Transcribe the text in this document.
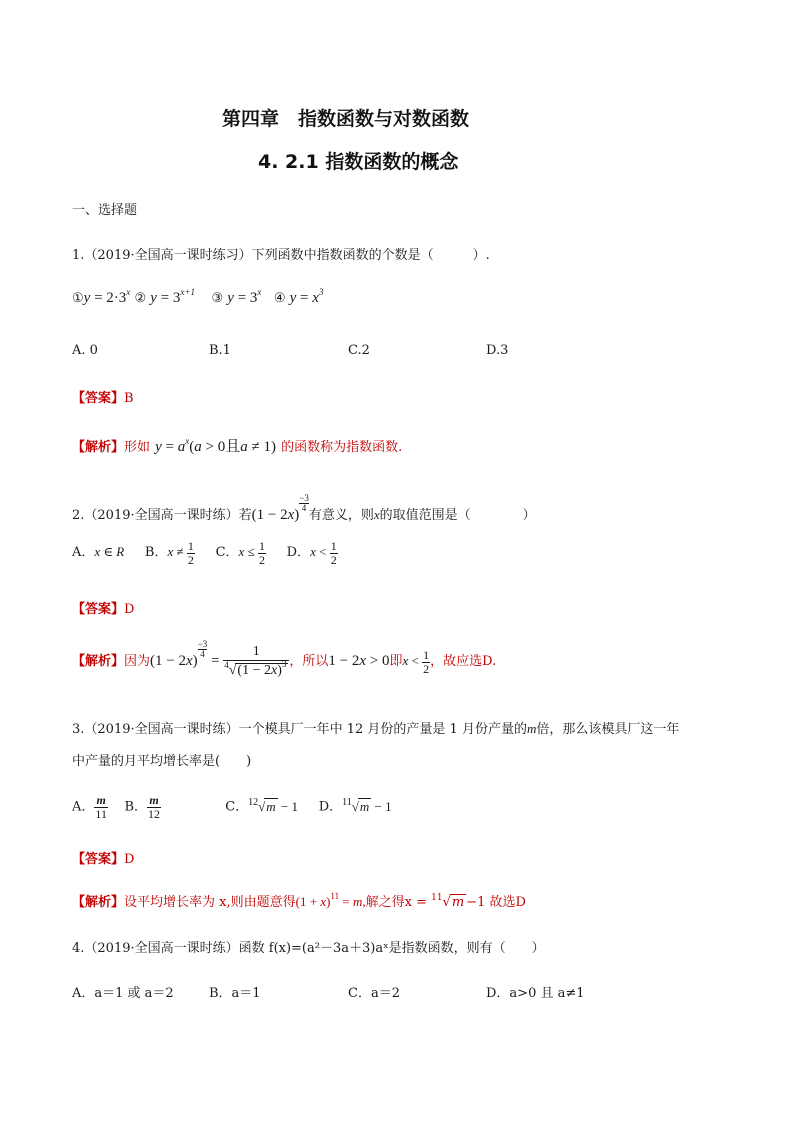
第四章　指数函数与对数函数
4. 2.1 指数函数的概念
一、选择题
1.（2019·全国高一课时练习）下列函数中指数函数的个数是（　　　）.
①y = $2\cdot 3^x$ ② $y = 3^{x+1}$ ③ $y = 3^x$ ④ $y = x^3$
A. 0	B.1	C.2	D.3
【答案】B
【解析】形如 $y = a^x(a > 0$且a ≠ 1) 的函数称为指数函数.
2.（2019·全国高一课时练）若(1 − 2x)
$\frac{-3}{4}$
有意义，则x的取值范围是（　　　　）
A．x ∈ R B．$x \ne \frac{1}{2}$ C．$x \le \frac{1}{2}$ D．$x < \frac{1}{2}$
【答案】D
【解析】因为(1 − 2x)
$\frac{-3}{4}$
= $\frac{1}{^4√(1 - 2x)^3}$ ，所以1 − 2x > 0即$x < \frac{1}{2}$ ，故应选D.
3.（2019·全国高一课时练）一个模具厂一年中 12 月份的产量是 1 月份产量的m倍，那么该模具厂这一年
中产量的月平均增长率是(　　)
A． $\frac{m}{11}$ B． $\frac{m}{12}$	C．$^{12}$√m − 1 D．$^{11}$√m − 1
【答案】D
【解析】设平均增长率为 x,则由题意得$(1 + x)^{11} = m$,解之得x = $^{11}$√m −1 故选D
4.（2019·全国高一课时练）函数 f(x)=(a²－3a＋3)aˣ是指数函数，则有（　　）
A．a＝1 或 a＝2	B．a＝1	C．a＝2	D．a>0 且 a≠1
